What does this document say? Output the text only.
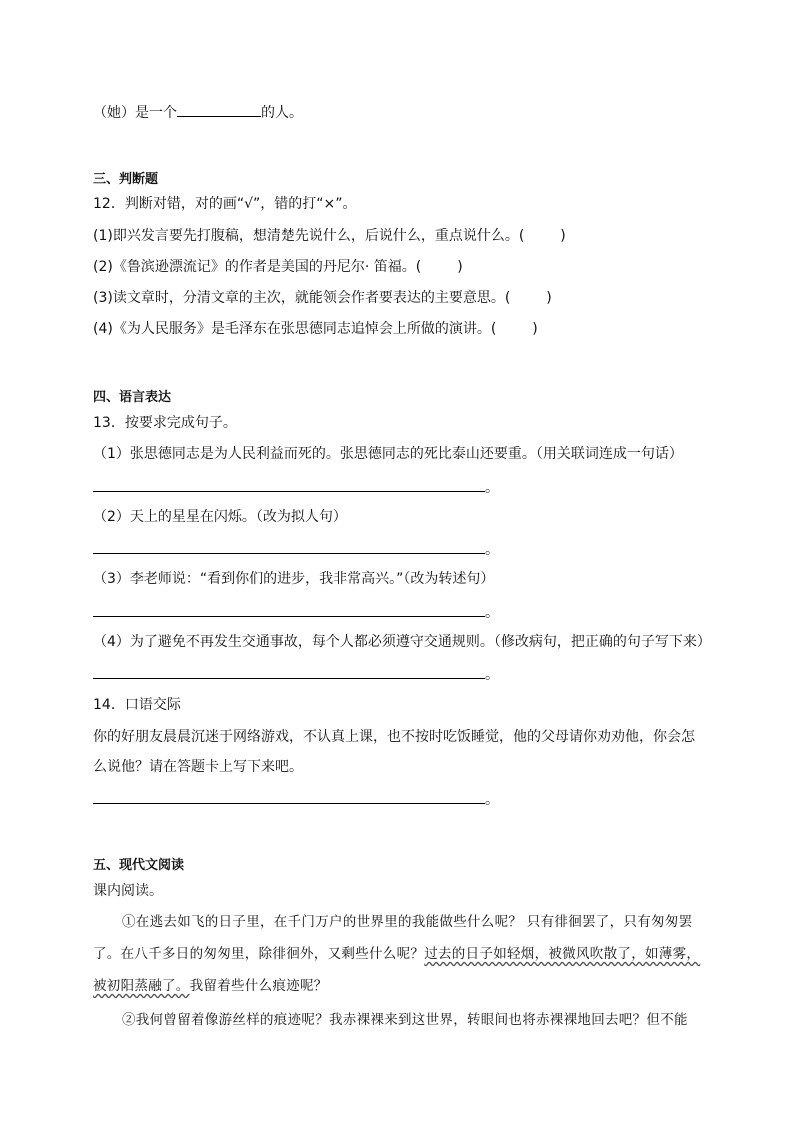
（她）是一个	的人。
三、判断题
12．判断对错，对的画“√”，错的打“×”。
(1)即兴发言要先打腹稿，想清楚先说什么，后说什么，重点说什么。(	)
(2)《鲁滨逊漂流记》的作者是美国的丹尼尔· 笛福。(	)
(3)读文章时，分清文章的主次，就能领会作者要表达的主要意思。(	)
(4)《为人民服务》是毛泽东在张思德同志追悼会上所做的演讲。(	)
四、语言表达
13．按要求完成句子。
（1）张思德同志是为人民利益而死的。张思德同志的死比泰山还要重。（用关联词连成一句话）
。
（2）天上的星星在闪烁。（改为拟人句）
。
（3）李老师说：“看到你们的进步，我非常高兴。”（改为转述句）
。
（4）为了避免不再发生交通事故，每个人都必须遵守交通规则。（修改病句，把正确的句子写下来）
。
14．口语交际
你的好朋友晨晨沉迷于网络游戏，不认真上课，也不按时吃饭睡觉，他的父母请你劝劝他，你会怎
么说他？请在答题卡上写下来吧。
。
五、现代文阅读
课内阅读。
①在逃去如飞的日子里，在千门万户的世界里的我能做些什么呢？ 只有徘徊罢了，只有匆匆罢
了。在八千多日的匆匆里，除徘徊外，又剩些什么呢？过去的日子如轻烟，被微风吹散了，如薄雾，
被初阳蒸融了。我留着些什么痕迹呢？
②我何曾留着像游丝样的痕迹呢？我赤裸裸来到这世界，转眼间也将赤裸裸地回去吧？但不能
